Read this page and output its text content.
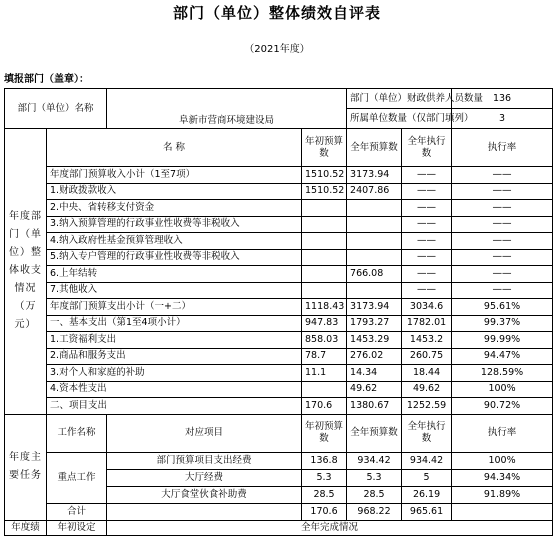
部门（单位）整体绩效自评表
（2021年度）
填报部门（盖章）：
部门（单位）名称		阜新市营商环境建设局		部门（单位）财政供养人员数量		136
				所属单位数量（仅部门填列）		3
年度部门（单位）整体收支情况（万元）	名 称		年初预算数	全年预算数	全年执行数	执行率
	年度部门预算收入小计（1至7项）		1510.52	3173.94	——	——
	1.财政拨款收入		1510.52	2407.86	——	——
	2.中央、省转移支付资金				——	——
	3.纳入预算管理的行政事业性收费等非税收入				——	——
	4.纳入政府性基金预算管理收入				——	——
	5.纳入专户管理的行政事业性收费等非税收入				——	——
	6.上年结转			766.08	——	——
	7.其他收入				——	——
	年度部门预算支出小计（一+二）		1118.43	3173.94	3034.6	95.61%
	一、基本支出（第1至4项小计）		947.83	1793.27	1782.01	99.37%
	1.工资福利支出		858.03	1453.29	1453.2	99.99%
	2.商品和服务支出		78.7	276.02	260.75	94.47%
	3.对个人和家庭的补助		11.1	14.34	18.44	128.59%
	4.资本性支出			49.62	49.62	100%
	二、项目支出		170.6	1380.67	1252.59	90.72%
年度主要任务	工作名称	对应项目	年初预算数	全年预算数	全年执行数	执行率
	重点工作	部门预算项目支出经费	136.8	934.42	934.42	100%
		大厅经费	5.3	5.3	5	94.34%
		大厅食堂伙食补助费	28.5	28.5	26.19	91.89%
	合计		170.6	968.22	965.61	

年度绩	年初设定	全年完成情况				
